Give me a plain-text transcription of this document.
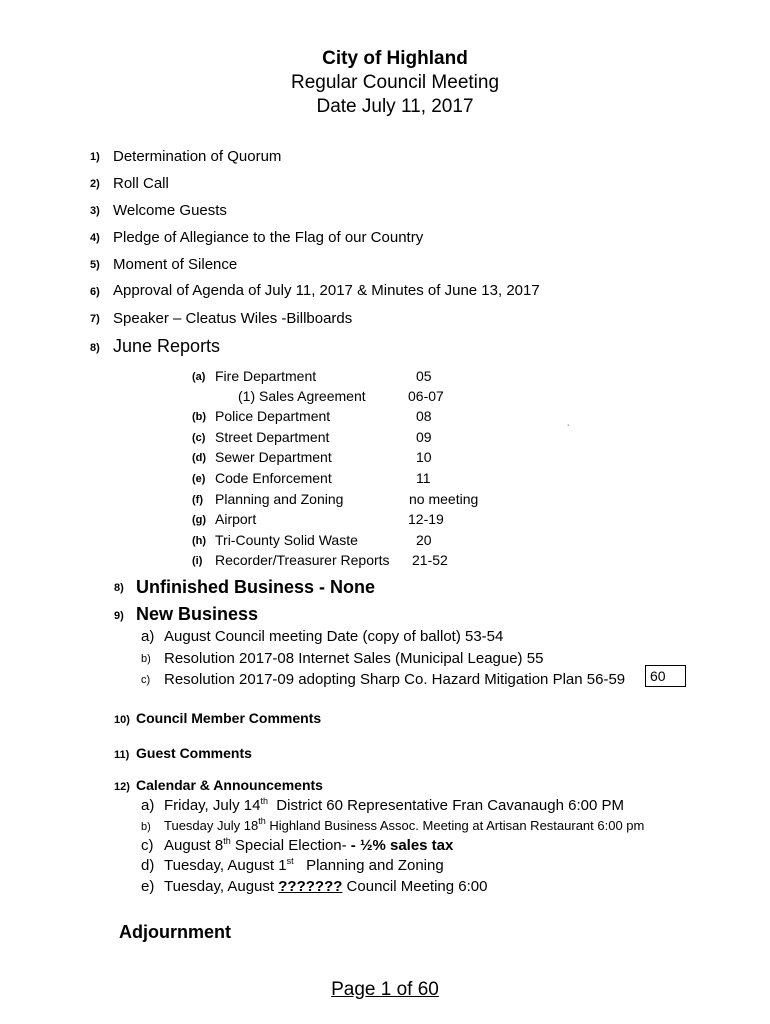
City of Highland
Regular Council Meeting
Date July 11, 2017
1) Determination of Quorum
2) Roll Call
3) Welcome Guests
4) Pledge of Allegiance to the Flag of our Country
5) Moment of Silence
6) Approval of Agenda of July 11, 2017 & Minutes of June 13, 2017
7) Speaker – Cleatus Wiles -Billboards
8) June Reports
(a) Fire Department	05
(1) Sales Agreement	06-07
(b) Police Department	08
(c) Street Department	09
(d) Sewer Department	10
(e) Code Enforcement	11
(f) Planning and Zoning	no meeting
(g) Airport	12-19
(h) Tri-County Solid Waste	20
(i) Recorder/Treasurer Reports 21-52
˙
8) Unfinished Business - None
9) New Business
a) August Council meeting Date (copy of ballot) 53-54
b) Resolution 2017-08 Internet Sales (Municipal League) 55
c) Resolution 2017-09 adopting Sharp Co. Hazard Mitigation Plan 56-59	60
10) Council Member Comments
11) Guest Comments
12) Calendar & Announcements
a) Friday, July 14th  District 60 Representative Fran Cavanaugh 6:00 PM
b) Tuesday July 18th Highland Business Assoc. Meeting at Artisan Restaurant 6:00 pm
c) August 8th Special Election- - ½% sales tax
d) Tuesday, August 1st   Planning and Zoning
e) Tuesday, August ??????? Council Meeting 6:00
Adjournment
Page 1 of 60
